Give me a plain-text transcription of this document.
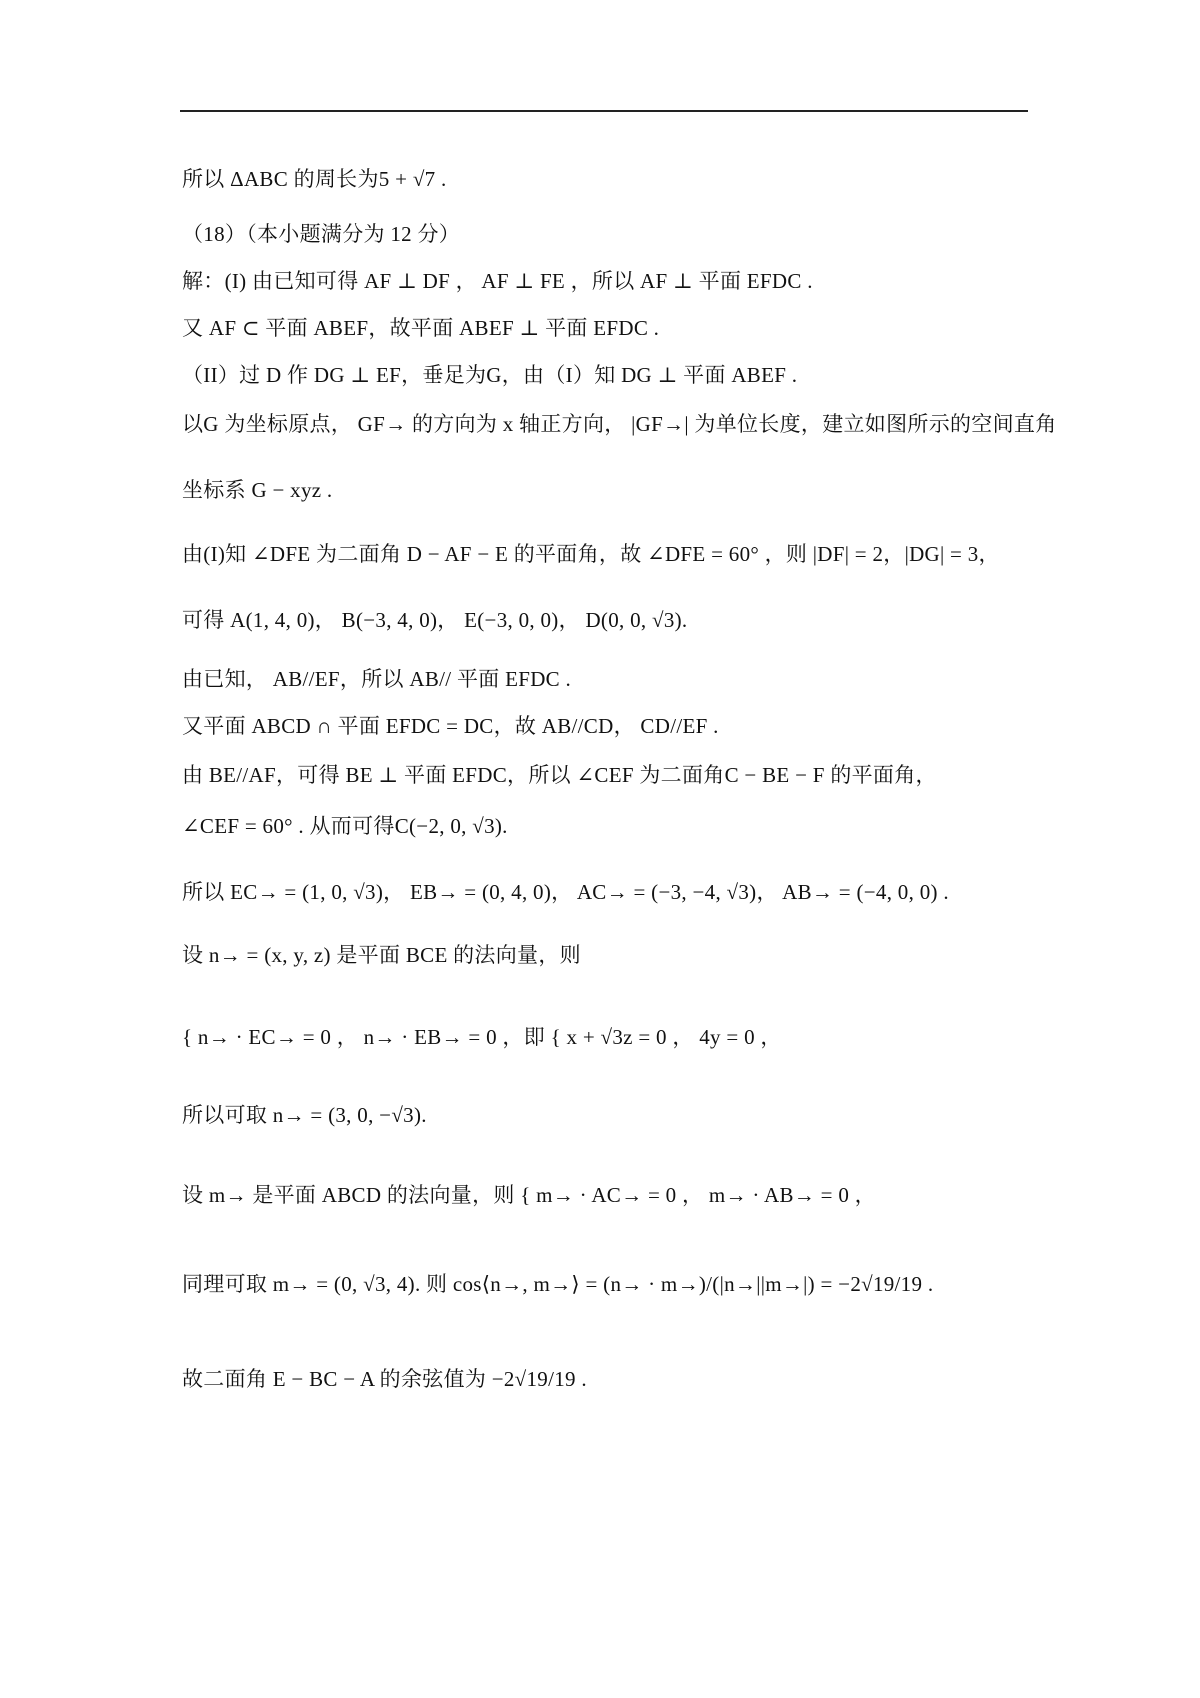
所以 ΔABC 的周长为5 + √7 .
（18）（本小题满分为 12 分）
解：(I) 由已知可得 AF ⊥ DF ， AF ⊥ FE ，所以 AF ⊥ 平面 EFDC .
又 AF ⊂ 平面 ABEF，故平面 ABEF ⊥ 平面 EFDC .
（II）过 D 作 DG ⊥ EF，垂足为G，由（I）知 DG ⊥ 平面 ABEF .
以G 为坐标原点， GF→ 的方向为 x 轴正方向， |GF→| 为单位长度，建立如图所示的空间直角
坐标系 G − xyz .
由(I)知 ∠DFE 为二面角 D − AF − E 的平面角，故 ∠DFE = 60° ，则 |DF| = 2，|DG| = 3，
可得 A(1, 4, 0)， B(−3, 4, 0)， E(−3, 0, 0)， D(0, 0, √3).
由已知， AB//EF，所以 AB// 平面 EFDC .
又平面 ABCD ∩ 平面 EFDC = DC，故 AB//CD， CD//EF .
由 BE//AF，可得 BE ⊥ 平面 EFDC，所以 ∠CEF 为二面角C − BE − F 的平面角，
∠CEF = 60° . 从而可得C(−2, 0, √3).
所以 EC→ = (1, 0, √3)， EB→ = (0, 4, 0)， AC→ = (−3, −4, √3)， AB→ = (−4, 0, 0) .
设 n→ = (x, y, z) 是平面 BCE 的法向量，则
{ n→ · EC→ = 0 ， n→ · EB→ = 0 ，即 { x + √3z = 0 ， 4y = 0 ，
所以可取 n→ = (3, 0, −√3).
设 m→ 是平面 ABCD 的法向量，则 { m→ · AC→ = 0 ， m→ · AB→ = 0 ，
同理可取 m→ = (0, √3, 4). 则 cos⟨n→, m→⟩ = (n→ · m→)/(|n→||m→|) = −2√19/19 .
故二面角 E − BC − A 的余弦值为 −2√19/19 .
